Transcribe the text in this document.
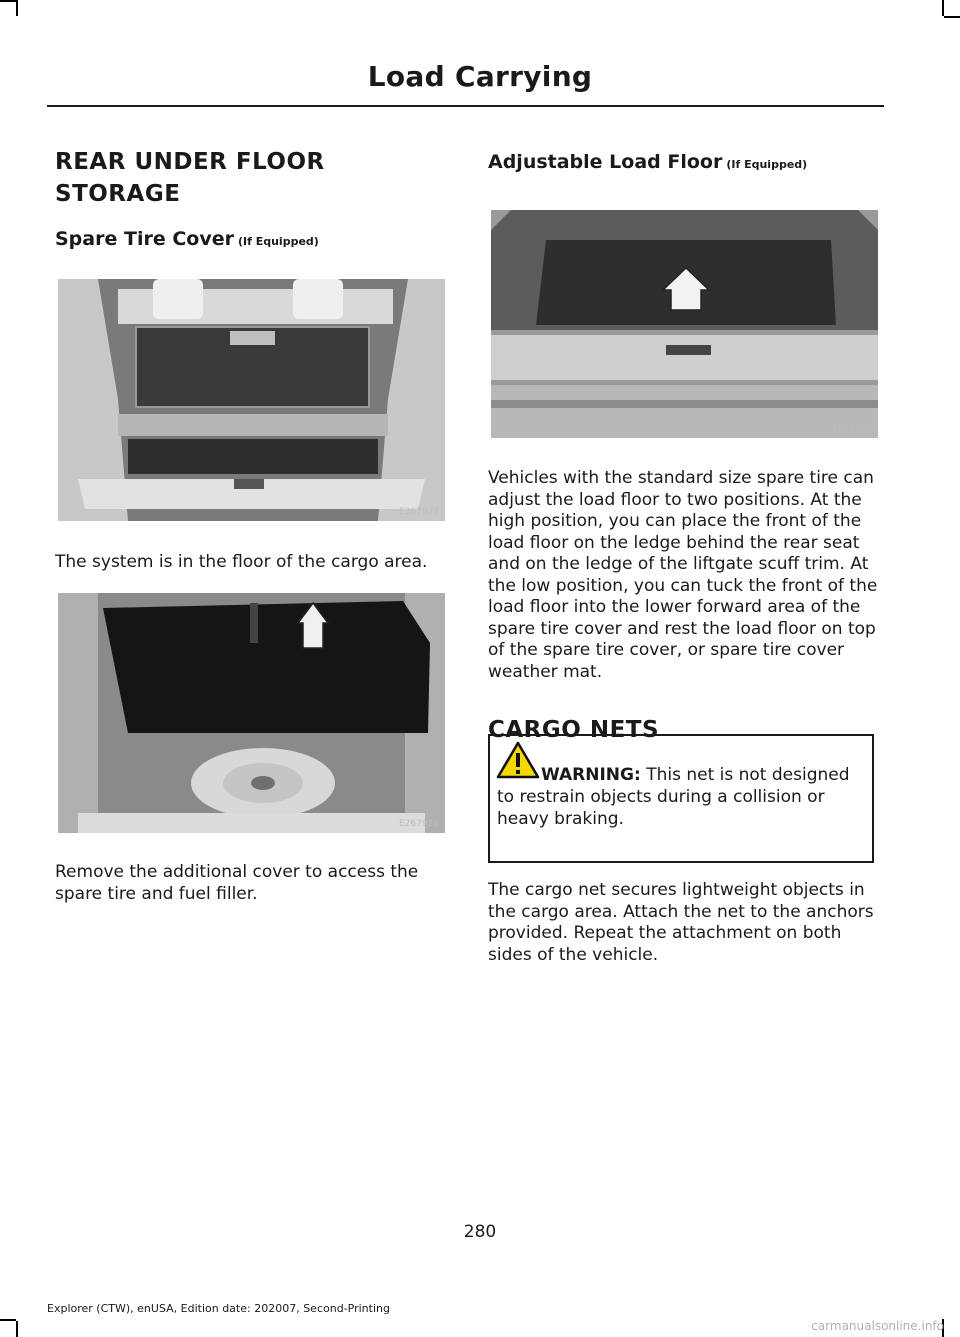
Load Carrying
REAR UNDER FLOOR
STORAGE
Spare Tire Cover (If Equipped)
E267927
The system is in the floor of the cargo area.
E267928
Remove the additional cover to access the spare tire and fuel filler.
Adjustable Load Floor (If Equipped)
E267929
Vehicles with the standard size spare tire can adjust the load floor to two positions. At the high position, you can place the front of the load floor on the ledge behind the rear seat and on the ledge of the liftgate scuff trim. At the low position, you can tuck the front of the load floor into the lower forward area of the spare tire cover and rest the load floor on top of the spare tire cover, or spare tire cover weather mat.
CARGO NETS
WARNING: This net is not designed to restrain objects during a collision or heavy braking.
The cargo net secures lightweight objects in the cargo area. Attach the net to the anchors provided. Repeat the attachment on both sides of the vehicle.
280
Explorer (CTW), enUSA, Edition date: 202007, Second-Printing
carmanualsonline.info
